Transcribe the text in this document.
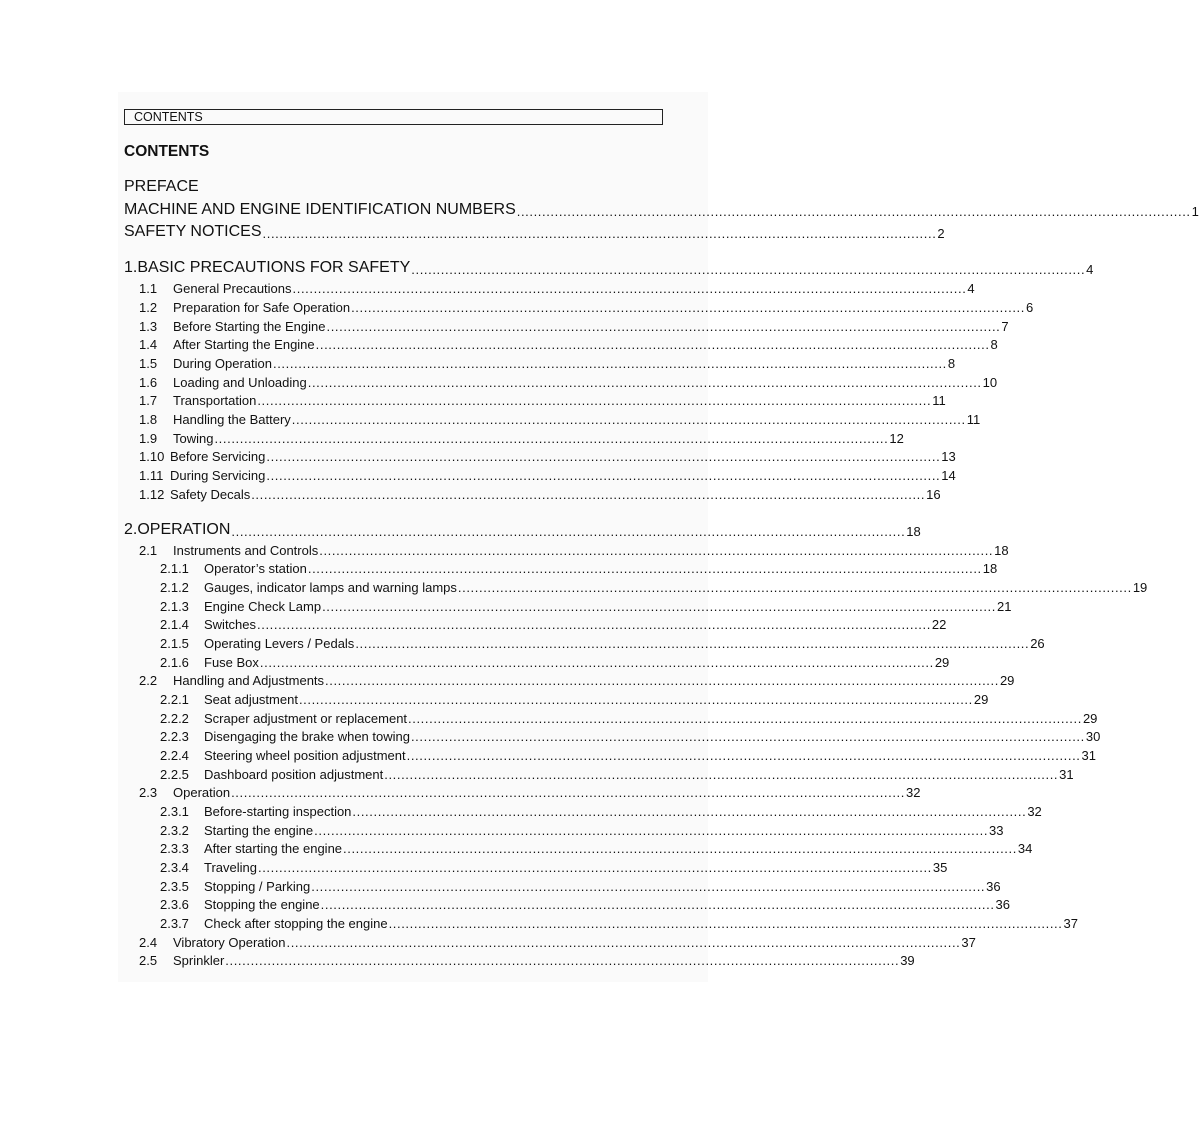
CONTENTS
CONTENTS
PREFACE
MACHINE AND ENGINE IDENTIFICATION NUMBERS ................................................................................................................................................................ 1
SAFETY NOTICES ................................................................................................................................................................ 2
1. BASIC PRECAUTIONS FOR SAFETY ................................................................................................................................................................ 4
1.1	General Precautions ................................................................................................................................................................ 4
1.2	Preparation for Safe Operation ................................................................................................................................................................ 6
1.3	Before Starting the Engine ................................................................................................................................................................ 7
1.4	After Starting the Engine ................................................................................................................................................................ 8
1.5	During Operation ................................................................................................................................................................ 8
1.6	Loading and Unloading ................................................................................................................................................................ 10
1.7	Transportation ................................................................................................................................................................ 11
1.8	Handling the Battery ................................................................................................................................................................ 11
1.9	Towing ................................................................................................................................................................ 12
1.10 Before Servicing ................................................................................................................................................................ 13
1.11 During Servicing ................................................................................................................................................................ 14
1.12 Safety Decals ................................................................................................................................................................ 16
2. OPERATION ................................................................................................................................................................ 18
2.1	Instruments and Controls ................................................................................................................................................................ 18
2.1.1	Operator’s station ................................................................................................................................................................ 18
2.1.2	Gauges, indicator lamps and warning lamps ................................................................................................................................................................ 19
2.1.3	Engine Check Lamp ................................................................................................................................................................ 21
2.1.4	Switches ................................................................................................................................................................ 22
2.1.5	Operating Levers / Pedals ................................................................................................................................................................ 26
2.1.6	Fuse Box ................................................................................................................................................................ 29
2.2	Handling and Adjustments ................................................................................................................................................................ 29
2.2.1	Seat adjustment ................................................................................................................................................................ 29
2.2.2	Scraper adjustment or replacement ................................................................................................................................................................ 29
2.2.3	Disengaging the brake when towing ................................................................................................................................................................ 30
2.2.4	Steering wheel position adjustment ................................................................................................................................................................ 31
2.2.5	Dashboard position adjustment ................................................................................................................................................................ 31
2.3	Operation ................................................................................................................................................................ 32
2.3.1	Before-starting inspection ................................................................................................................................................................ 32
2.3.2	Starting the engine ................................................................................................................................................................ 33
2.3.3	After starting the engine ................................................................................................................................................................ 34
2.3.4	Traveling ................................................................................................................................................................ 35
2.3.5	Stopping / Parking ................................................................................................................................................................ 36
2.3.6	Stopping the engine ................................................................................................................................................................ 36
2.3.7	Check after stopping the engine ................................................................................................................................................................ 37
2.4	Vibratory Operation ................................................................................................................................................................ 37
2.5	Sprinkler ................................................................................................................................................................ 39
